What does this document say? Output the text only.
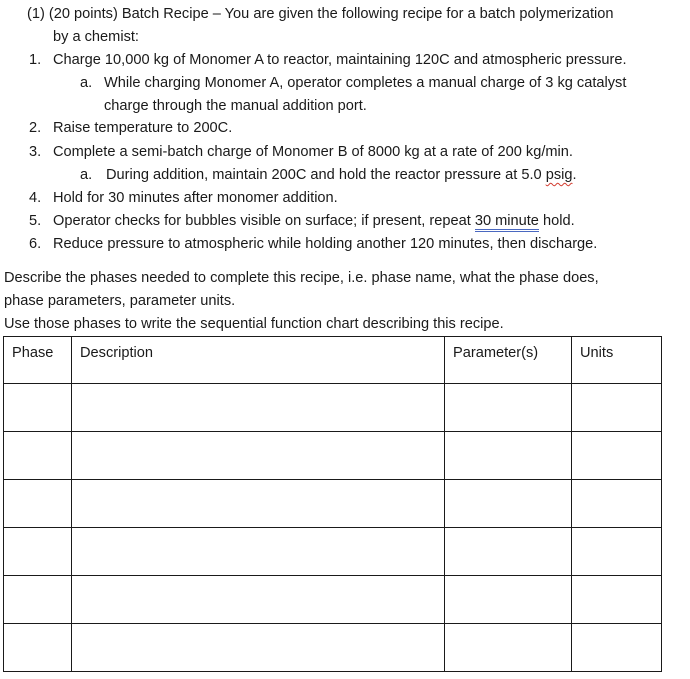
(1) (20 points) Batch Recipe – You are given the following recipe for a batch polymerization
by a chemist:
1. Charge 10,000 kg of Monomer A to reactor, maintaining 120C and atmospheric pressure.
a. While charging Monomer A, operator completes a manual charge of 3 kg catalyst
charge through the manual addition port.
2. Raise temperature to 200C.
3. Complete a semi-batch charge of Monomer B of 8000 kg at a rate of 200 kg/min.
a. During addition, maintain 200C and hold the reactor pressure at 5.0 psig.
4. Hold for 30 minutes after monomer addition.
5. Operator checks for bubbles visible on surface; if present, repeat 30 minute hold.
6. Reduce pressure to atmospheric while holding another 120 minutes, then discharge.
Describe the phases needed to complete this recipe, i.e. phase name, what the phase does,
phase parameters, parameter units.
Use those phases to write the sequential function chart describing this recipe.
Phase	Description	Parameter(s)	Units
